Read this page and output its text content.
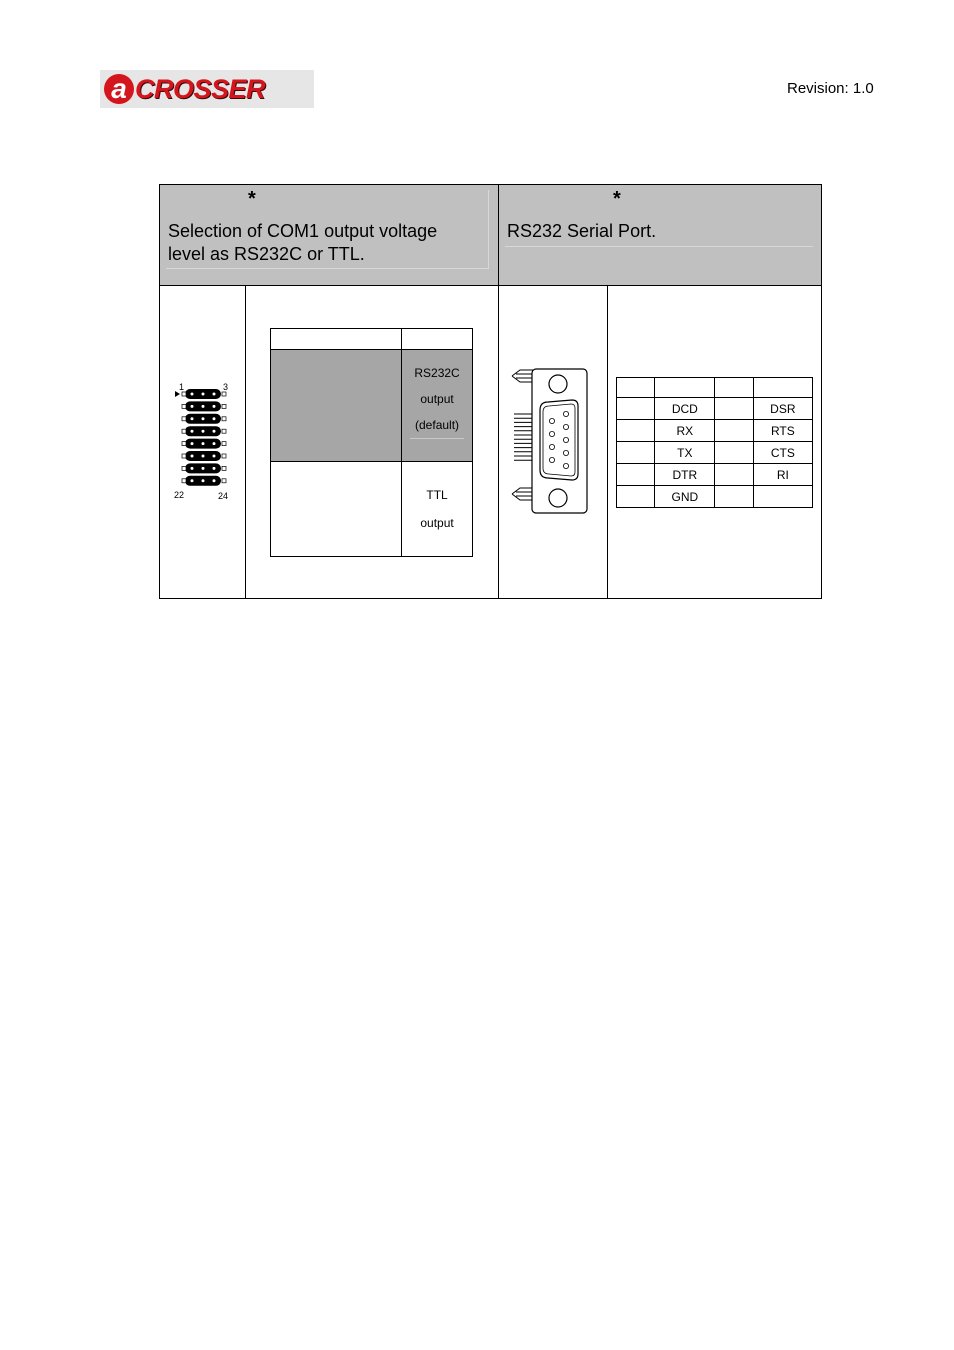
a CROSSER	Revision: 1.0
*
Selection of COM1 output voltage level as RS232C or TTL.
*
RS232 Serial Port.
1	3
22	24

	RS232C
output
(default)

	TTL
output

	DCD		DSR
	RX		RTS
	TX		CTS
	DTR		RI
	GND		
